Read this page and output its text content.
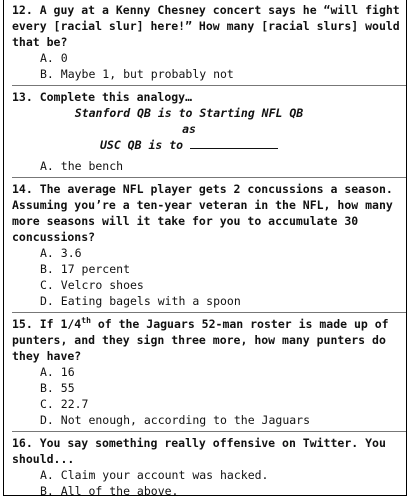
12. A guy at a Kenny Chesney concert says he “will fight every [racial slur] here!” How many [racial slurs] would that be?

A. 0
B. Maybe 1, but probably not

13. Complete this analogy…

Stanford QB is to Starting NFL QB

as

USC QB is to

A. the bench

14. The average NFL player gets 2 concussions a season. Assuming you’re a ten-year veteran in the NFL, how many more seasons will it take for you to accumulate 30 concussions?

A. 3.6
B. 17 percent
C. Velcro shoes
D. Eating bagels with a spoon

15. If 1/4th of the Jaguars 52-man roster is made up of punters, and they sign three more, how many punters do they have?

A. 16
B. 55
C. 22.7
D. Not enough, according to the Jaguars

16. You say something really offensive on Twitter. You should...

A. Claim your account was hacked.
B. All of the above.
